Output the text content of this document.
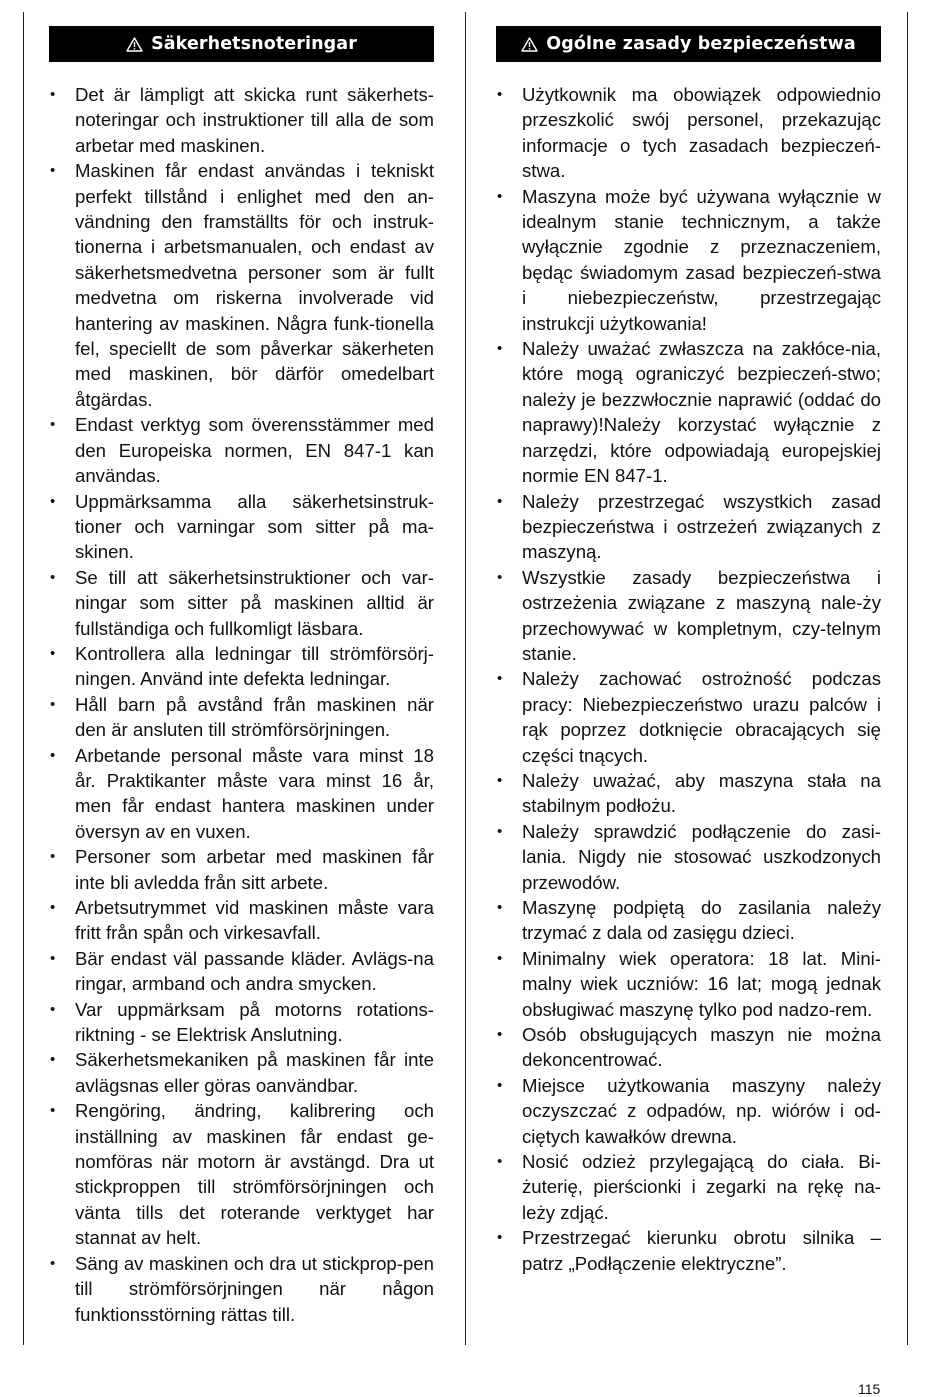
Säkerhetsnoteringar
• Det är lämpligt att skicka runt säkerhets-noteringar och instruktioner till alla de som arbetar med maskinen.
• Maskinen får endast användas i tekniskt perfekt tillstånd i enlighet med den an-vändning den framställts för och instruk-tionerna i arbetsmanualen, och endast av säkerhetsmedvetna personer som är fullt medvetna om riskerna involverade vid hantering av maskinen. Några funk-tionella fel, speciellt de som påverkar säkerheten med maskinen, bör därför omedelbart åtgärdas.
• Endast verktyg som överensstämmer med den Europeiska normen, EN 847-1 kan användas.
• Uppmärksamma alla säkerhetsinstruk-tioner och varningar som sitter på ma-skinen.
• Se till att säkerhetsinstruktioner och var-ningar som sitter på maskinen alltid är fullständiga och fullkomligt läsbara.
• Kontrollera alla ledningar till strömförsörj-ningen. Använd inte defekta ledningar.
• Håll barn på avstånd från maskinen när den är ansluten till strömförsörjningen.
• Arbetande personal måste vara minst 18 år. Praktikanter måste vara minst 16 år, men får endast hantera maskinen under översyn av en vuxen.
• Personer som arbetar med maskinen får inte bli avledda från sitt arbete.
• Arbetsutrymmet vid maskinen måste vara fritt från spån och virkesavfall.
• Bär endast väl passande kläder. Avlägs-na ringar, armband och andra smycken.
• Var uppmärksam på motorns rotations-riktning - se Elektrisk Anslutning.
• Säkerhetsmekaniken på maskinen får inte avlägsnas eller göras oanvändbar.
• Rengöring, ändring, kalibrering och inställning av maskinen får endast ge-nomföras när motorn är avstängd. Dra ut stickproppen till strömförsörjningen och vänta tills det roterande verktyget har stannat av helt.
• Säng av maskinen och dra ut stickprop-pen till strömförsörjningen när någon funktionsstörning rättas till.
Ogólne zasady bezpieczeństwa
• Użytkownik ma obowiązek odpowiednio przeszkolić swój personel, przekazując informacje o tych zasadach bezpieczeń-stwa.
• Maszyna może być używana wyłącznie w idealnym stanie technicznym, a także wyłącznie zgodnie z przeznaczeniem, będąc świadomym zasad bezpieczeń-stwa i niebezpieczeństw, przestrzegając instrukcji użytkowania!
• Należy uważać zwłaszcza na zakłóce-nia, które mogą ograniczyć bezpieczeń-stwo; należy je bezzwłocznie naprawić (oddać do naprawy)!Należy korzystać wyłącznie z narzędzi, które odpowiadają europejskiej normie EN 847-1.
• Należy przestrzegać wszystkich zasad bezpieczeństwa i ostrzeżeń związanych z maszyną.
• Wszystkie zasady bezpieczeństwa i ostrzeżenia związane z maszyną nale-ży przechowywać w kompletnym, czy-telnym stanie.
• Należy zachować ostrożność podczas pracy: Niebezpieczeństwo urazu palców i rąk poprzez dotknięcie obracających się części tnących.
• Należy uważać, aby maszyna stała na stabilnym podłożu.
• Należy sprawdzić podłączenie do zasi-lania. Nigdy nie stosować uszkodzonych przewodów.
• Maszynę podpiętą do zasilania należy trzymać z dala od zasięgu dzieci.
• Minimalny wiek operatora: 18 lat. Mini-malny wiek uczniów: 16 lat; mogą jednak obsługiwać maszynę tylko pod nadzo-rem.
• Osób obsługujących maszyn nie można dekoncentrować.
• Miejsce użytkowania maszyny należy oczyszczać z odpadów, np. wiórów i od-ciętych kawałków drewna.
• Nosić odzież przylegającą do ciała. Bi-żuterię, pierścionki i zegarki na rękę na-leży zdjąć.
• Przestrzegać kierunku obrotu silnika – patrz „Podłączenie elektryczne”.
115
